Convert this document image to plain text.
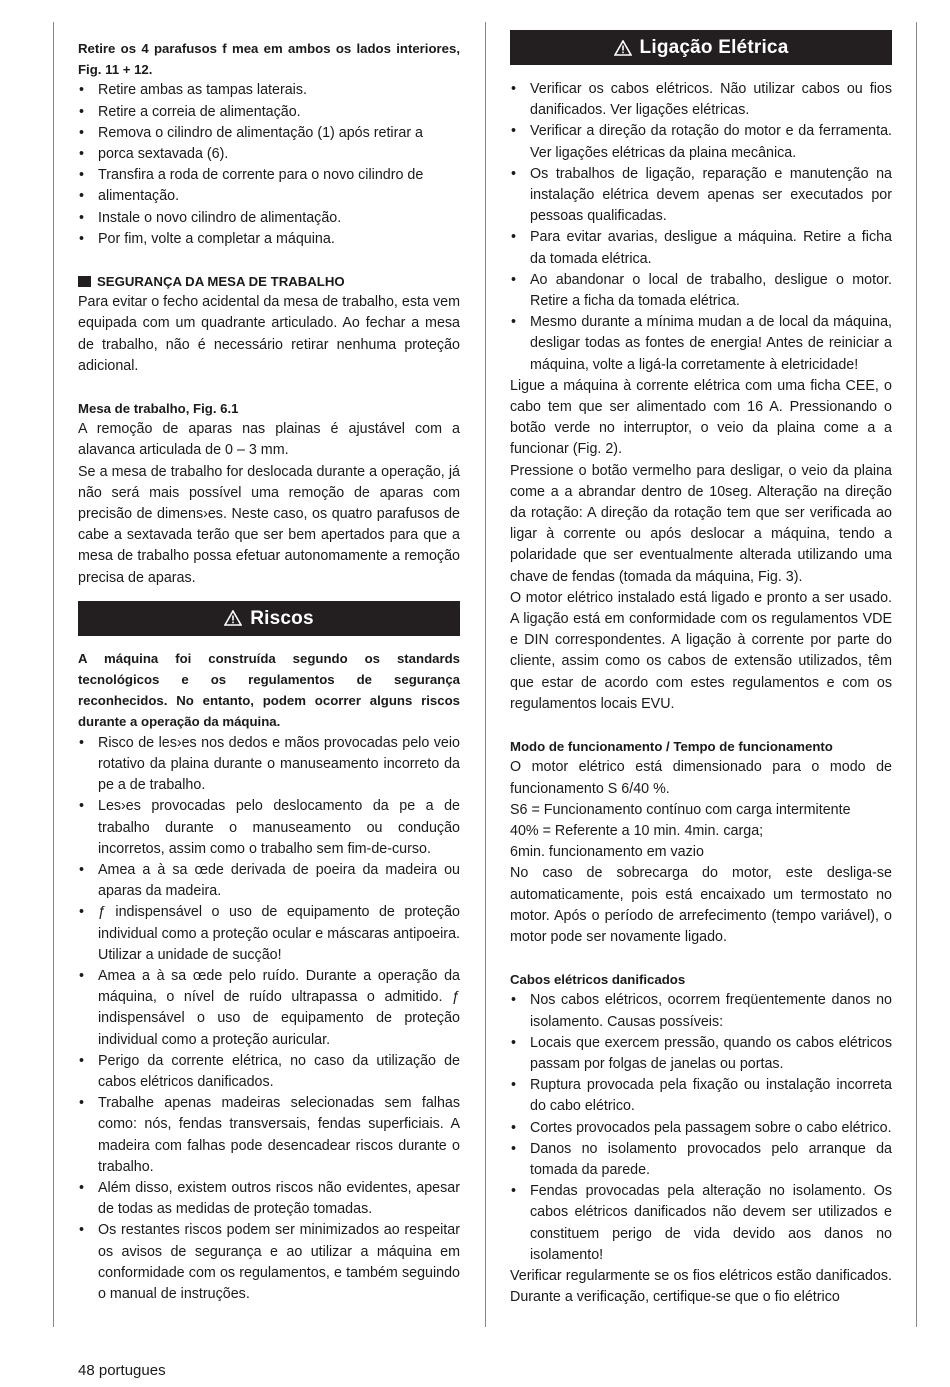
Retire os 4 parafusos f mea em ambos os lados interiores, Fig. 11 + 12.

• Retire ambas as tampas laterais.
• Retire a correia de alimentação.
• Remova o cilindro de alimentação (1) após retirar a
• porca sextavada (6).
• Transfira a roda de corrente para o novo cilindro de
• alimentação.
• Instale o novo cilindro de alimentação.
• Por fim, volte a completar a máquina.

SEGURANÇA DA MESA DE TRABALHO

Para evitar o fecho acidental da mesa de trabalho, esta vem equipada com um quadrante articulado. Ao fechar a mesa de trabalho, não é necessário retirar nenhuma proteção adicional.

Mesa de trabalho, Fig. 6.1

A remoção de aparas nas plainas é ajustável com a alavanca articulada de 0 – 3 mm.

Se a mesa de trabalho for deslocada durante a operação, já não será mais possível uma remoção de aparas com precisão de dimens›es. Neste caso, os quatro parafusos de cabe a sextavada terão que ser bem apertados para que a mesa de trabalho possa efetuar autonomamente a remoção precisa de aparas.

Riscos

A máquina foi construída segundo os standards tecnológicos e os regulamentos de segurança reconhecidos. No entanto, podem ocorrer alguns riscos durante a operação da máquina.

• Risco de les›es nos dedos e mãos provocadas pelo veio rotativo da plaina durante o manuseamento incorreto da pe a de trabalho.
• Les›es provocadas pelo deslocamento da pe a de trabalho durante o manuseamento ou condução incorretos, assim como o trabalho sem fim-de-curso.
• Amea a à sa œde derivada de poeira da madeira ou aparas da madeira.
• ƒ indispensável o uso de equipamento de proteção individual como a proteção ocular e máscaras antipoeira. Utilizar a unidade de sucção!
• Amea a à sa œde pelo ruído. Durante a operação da máquina, o nível de ruído ultrapassa o admitido. ƒ indispensável o uso de equipamento de proteção individual como a proteção auricular.
• Perigo da corrente elétrica, no caso da utilização de cabos elétricos danificados.
• Trabalhe apenas madeiras selecionadas sem falhas como: nós, fendas transversais, fendas superficiais. A madeira com falhas pode desencadear riscos durante o trabalho.
• Além disso, existem outros riscos não evidentes, apesar de todas as medidas de proteção tomadas.
• Os restantes riscos podem ser minimizados ao respeitar os avisos de segurança e ao utilizar a máquina em conformidade com os regulamentos, e também seguindo o manual de instruções.
Ligação Elétrica
• Verificar os cabos elétricos. Não utilizar cabos ou fios danificados. Ver ligações elétricas.
• Verificar a direção da rotação do motor e da ferramenta. Ver ligações elétricas da plaina mecânica.
• Os trabalhos de ligação, reparação e manutenção na instalação elétrica devem apenas ser executados por pessoas qualificadas.
• Para evitar avarias, desligue a máquina. Retire a ficha da tomada elétrica.
• Ao abandonar o local de trabalho, desligue o motor. Retire a ficha da tomada elétrica.
• Mesmo durante a mínima mudan a de local da máquina, desligar todas as fontes de energia! Antes de reiniciar a máquina, volte a ligá-la corretamente à eletricidade!

Ligue a máquina à corrente elétrica com uma ficha CEE, o cabo tem que ser alimentado com 16 A. Pressionando o botão verde no interruptor, o veio da plaina come a a funcionar (Fig. 2).

Pressione o botão vermelho para desligar, o veio da plaina come a a abrandar dentro de 10seg. Alteração na direção da rotação: A direção da rotação tem que ser verificada ao ligar à corrente ou após deslocar a máquina, tendo a polaridade que ser eventualmente alterada utilizando uma chave de fendas (tomada da máquina, Fig. 3).

O motor elétrico instalado está ligado e pronto a ser usado. A ligação está em conformidade com os regulamentos VDE e DIN correspondentes. A ligação à corrente por parte do cliente, assim como os cabos de extensão utilizados, têm que estar de acordo com estes regulamentos e com os regulamentos locais EVU.

Modo de funcionamento / Tempo de funcionamento

O motor elétrico está dimensionado para o modo de funcionamento S 6/40 %.

S6 = Funcionamento contínuo com carga intermitente

40% = Referente a 10 min. 4min. carga;

6min. funcionamento em vazio

No caso de sobrecarga do motor, este desliga-se automaticamente, pois está encaixado um termostato no motor. Após o período de arrefecimento (tempo variável), o motor pode ser novamente ligado.

Cabos elétricos danificados

• Nos cabos elétricos, ocorrem freqüentemente danos no isolamento. Causas possíveis:
• Locais que exercem pressão, quando os cabos elétricos passam por folgas de janelas ou portas.
• Ruptura provocada pela fixação ou instalação incorreta do cabo elétrico.
• Cortes provocados pela passagem sobre o cabo elétrico.
• Danos no isolamento provocados pelo arranque da tomada da parede.
• Fendas provocadas pela alteração no isolamento. Os cabos elétricos danificados não devem ser utilizados e constituem perigo de vida devido aos danos no isolamento!

Verificar regularmente se os fios elétricos estão danificados. Durante a verificação, certifique-se que o fio elétrico

48 portugues
